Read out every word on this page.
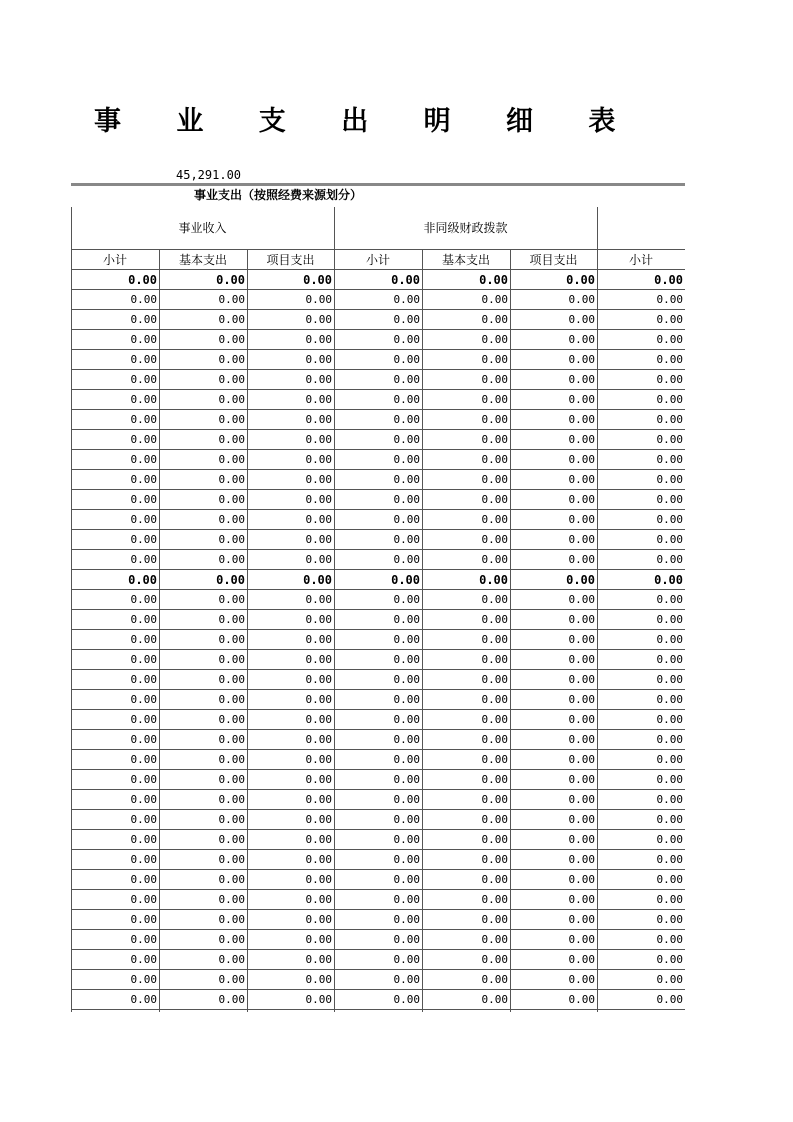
事 业 支 出 明 细 表
45,291.00
事业支出（按照经费来源划分）
事业收入	非同级财政拨款
小计	基本支出	项目支出	小计	基本支出	项目支出	小计
0.00	0.00	0.00	0.00	0.00	0.00	0.00
0.00	0.00	0.00	0.00	0.00	0.00	0.00
0.00	0.00	0.00	0.00	0.00	0.00	0.00
0.00	0.00	0.00	0.00	0.00	0.00	0.00
0.00	0.00	0.00	0.00	0.00	0.00	0.00
0.00	0.00	0.00	0.00	0.00	0.00	0.00
0.00	0.00	0.00	0.00	0.00	0.00	0.00
0.00	0.00	0.00	0.00	0.00	0.00	0.00
0.00	0.00	0.00	0.00	0.00	0.00	0.00
0.00	0.00	0.00	0.00	0.00	0.00	0.00
0.00	0.00	0.00	0.00	0.00	0.00	0.00
0.00	0.00	0.00	0.00	0.00	0.00	0.00
0.00	0.00	0.00	0.00	0.00	0.00	0.00
0.00	0.00	0.00	0.00	0.00	0.00	0.00
0.00	0.00	0.00	0.00	0.00	0.00	0.00
0.00	0.00	0.00	0.00	0.00	0.00	0.00
0.00	0.00	0.00	0.00	0.00	0.00	0.00
0.00	0.00	0.00	0.00	0.00	0.00	0.00
0.00	0.00	0.00	0.00	0.00	0.00	0.00
0.00	0.00	0.00	0.00	0.00	0.00	0.00
0.00	0.00	0.00	0.00	0.00	0.00	0.00
0.00	0.00	0.00	0.00	0.00	0.00	0.00
0.00	0.00	0.00	0.00	0.00	0.00	0.00
0.00	0.00	0.00	0.00	0.00	0.00	0.00
0.00	0.00	0.00	0.00	0.00	0.00	0.00
0.00	0.00	0.00	0.00	0.00	0.00	0.00
0.00	0.00	0.00	0.00	0.00	0.00	0.00
0.00	0.00	0.00	0.00	0.00	0.00	0.00
0.00	0.00	0.00	0.00	0.00	0.00	0.00
0.00	0.00	0.00	0.00	0.00	0.00	0.00
0.00	0.00	0.00	0.00	0.00	0.00	0.00
0.00	0.00	0.00	0.00	0.00	0.00	0.00
0.00	0.00	0.00	0.00	0.00	0.00	0.00
0.00	0.00	0.00	0.00	0.00	0.00	0.00
0.00	0.00	0.00	0.00	0.00	0.00	0.00
0.00	0.00	0.00	0.00	0.00	0.00	0.00
0.00	0.00	0.00	0.00	0.00	0.00	0.00
